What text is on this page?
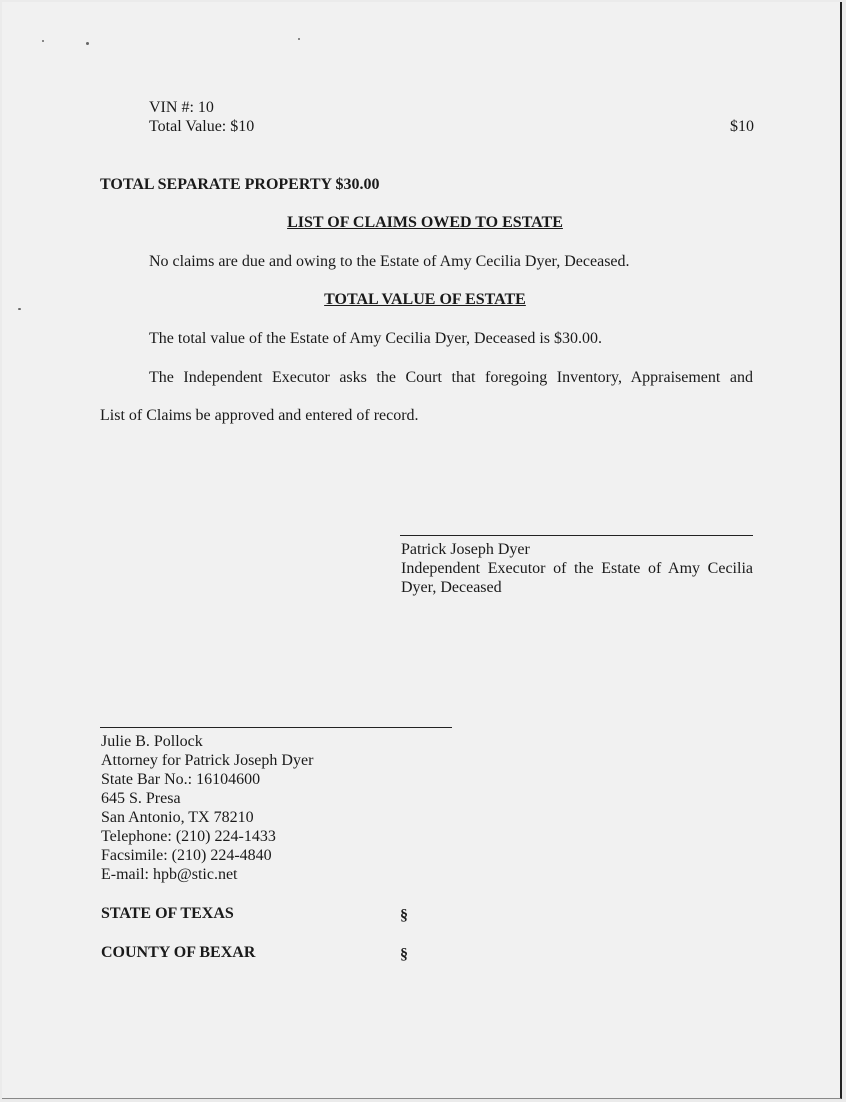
VIN #: 10
Total Value: $10	$10
TOTAL SEPARATE PROPERTY $30.00
LIST OF CLAIMS OWED TO ESTATE
No claims are due and owing to the Estate of Amy Cecilia Dyer, Deceased.
TOTAL VALUE OF ESTATE
The total value of the Estate of Amy Cecilia Dyer, Deceased is $30.00.
The Independent Executor asks the Court that foregoing Inventory, Appraisement and
List of Claims be approved and entered of record.
Patrick Joseph Dyer
Independent Executor of the Estate of Amy Cecilia
Dyer, Deceased
Julie B. Pollock
Attorney for Patrick Joseph Dyer
State Bar No.: 16104600
645 S. Presa
San Antonio, TX 78210
Telephone: (210) 224-1433
Facsimile: (210) 224-4840
E-mail: hpb@stic.net
STATE OF TEXAS	§
COUNTY OF BEXAR	§
